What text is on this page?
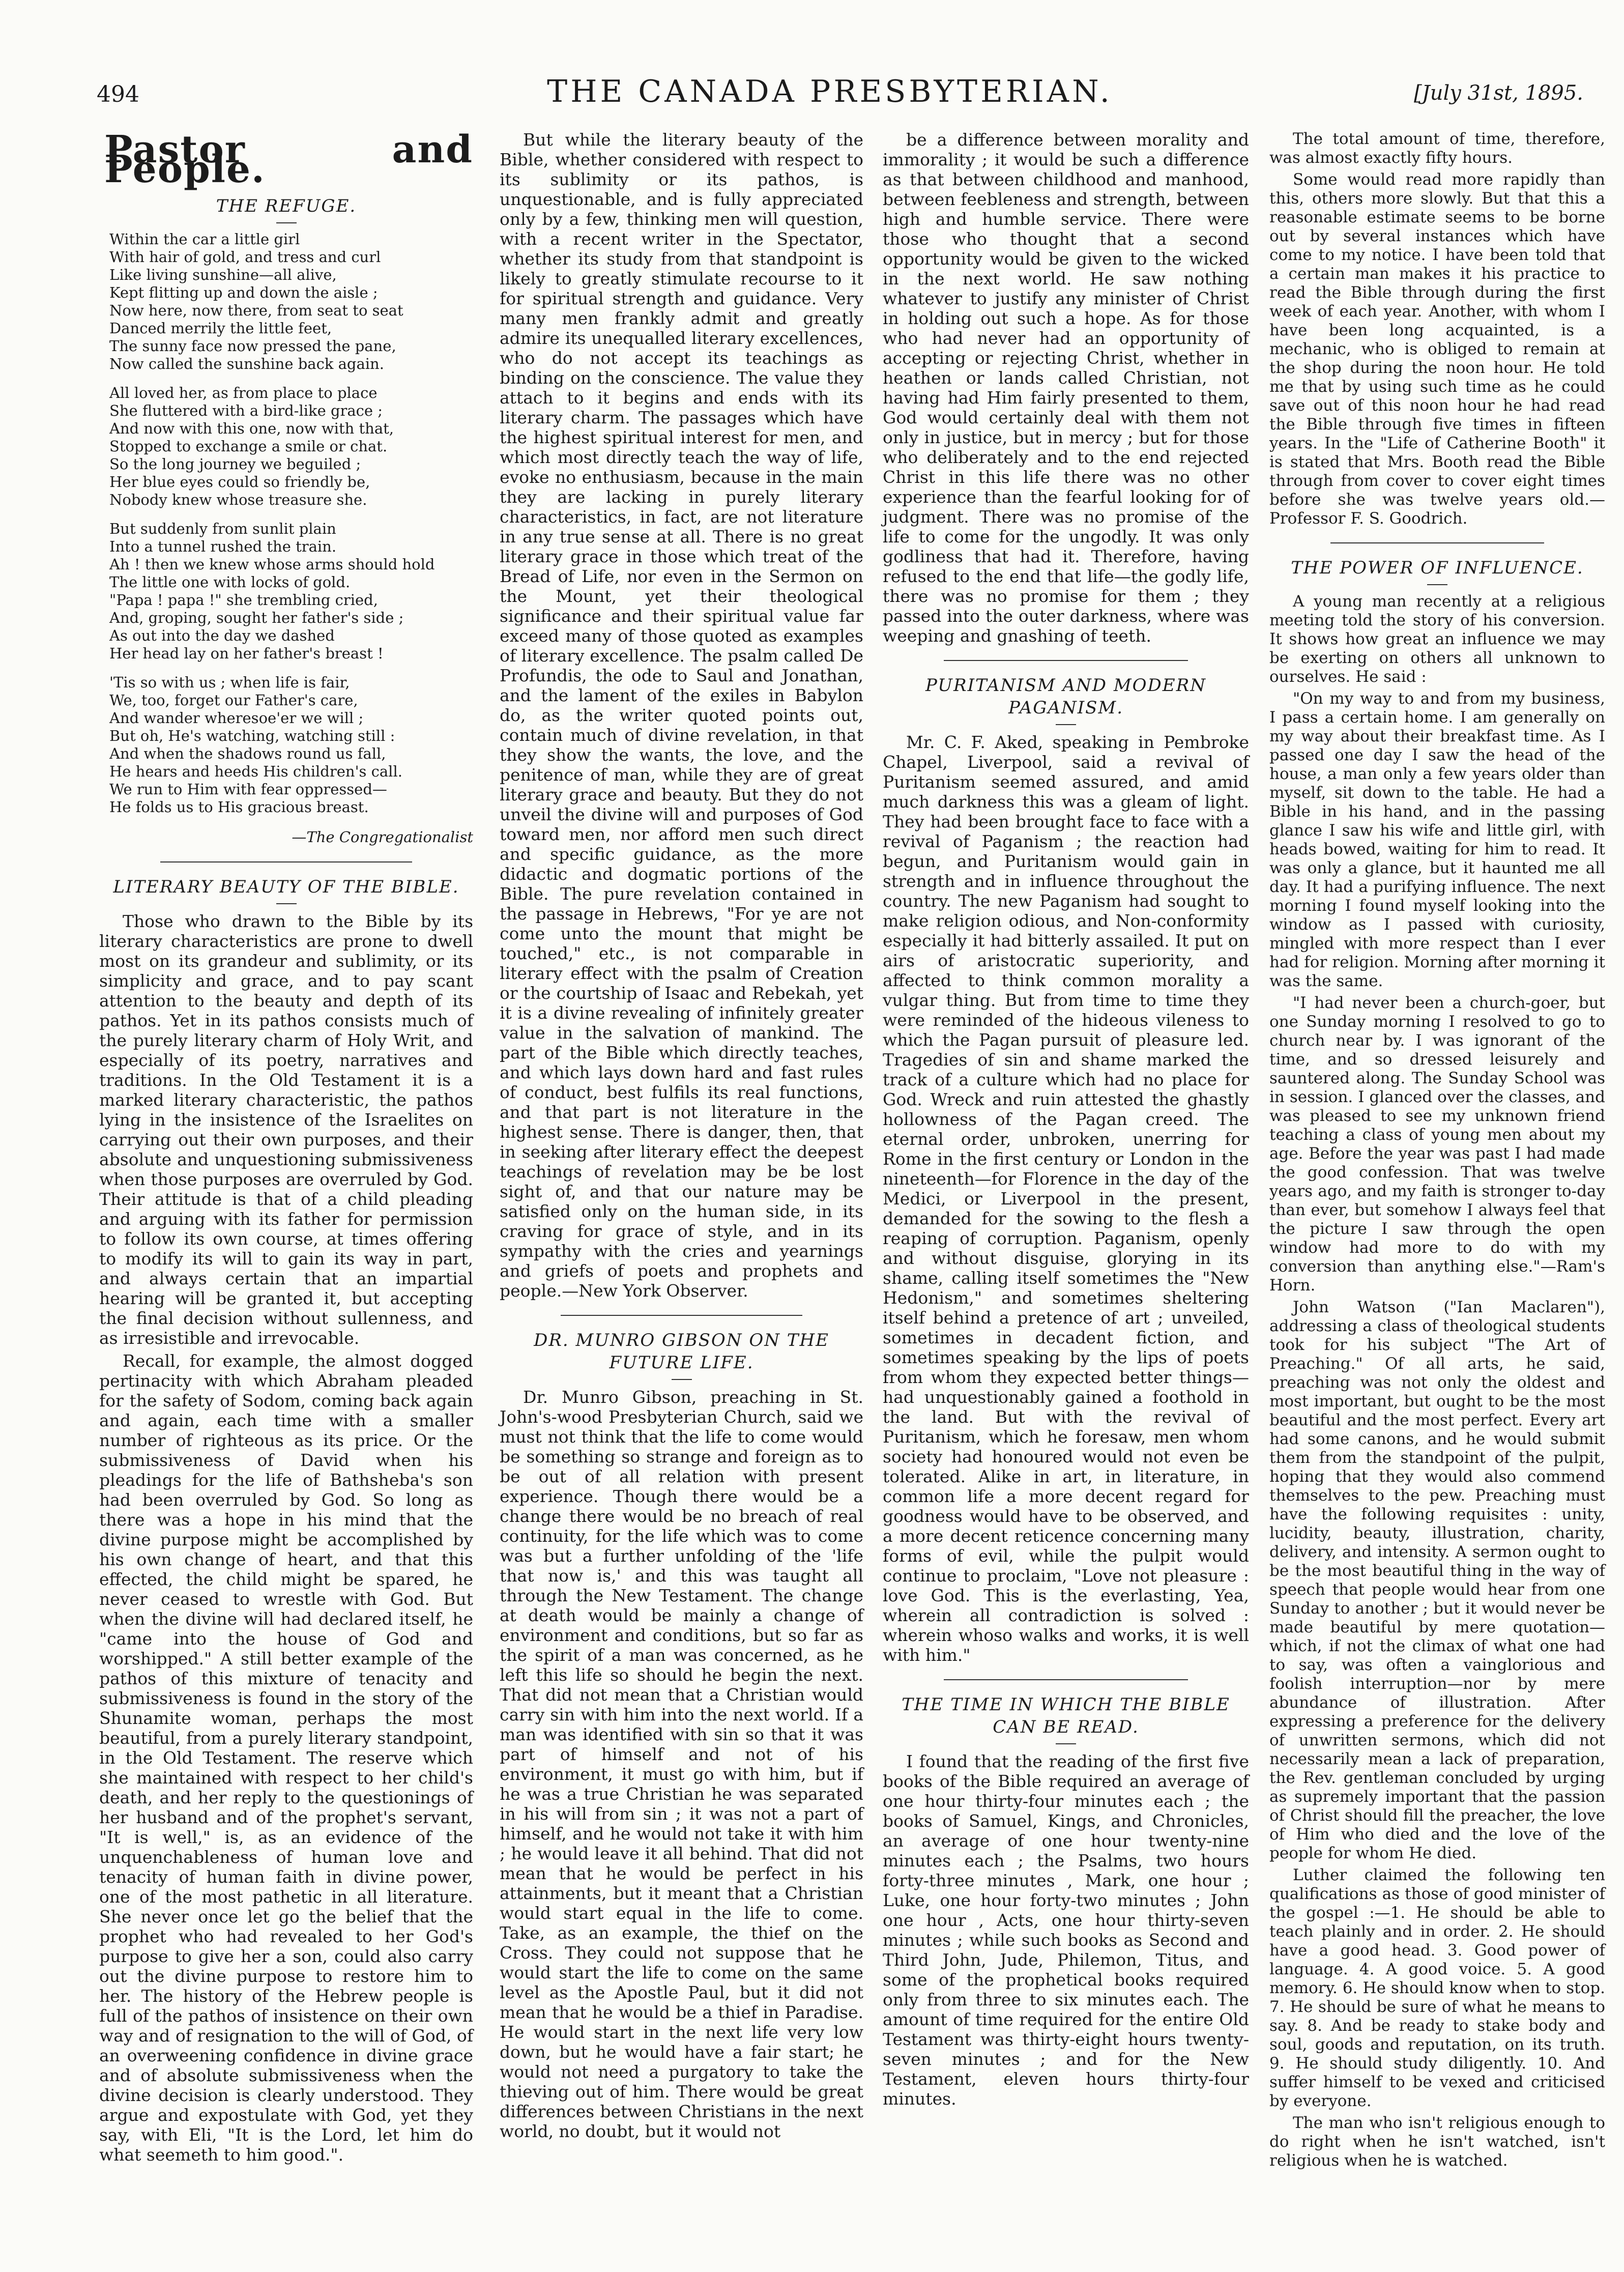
494	THE CANADA PRESBYTERIAN.	[July 31st, 1895.
Pastor and People.
THE REFUGE.
Within the car a little girl
With hair of gold, and tress and curl
Like living sunshine—all alive,
Kept flitting up and down the aisle ;
Now here, now there, from seat to seat
Danced merrily the little feet,
The sunny face now pressed the pane,
Now called the sunshine back again.
All loved her, as from place to place
She fluttered with a bird-like grace ;
And now with this one, now with that,
Stopped to exchange a smile or chat.
So the long journey we beguiled ;
Her blue eyes could so friendly be,
Nobody knew whose treasure she.
But suddenly from sunlit plain
Into a tunnel rushed the train.
Ah ! then we knew whose arms should hold
The little one with locks of gold.
"Papa ! papa !" she trembling cried,
And, groping, sought her father's side ;
As out into the day we dashed
Her head lay on her father's breast !
'Tis so with us ; when life is fair,
We, too, forget our Father's care,
And wander wheresoe'er we will ;
But oh, He's watching, watching still :
And when the shadows round us fall,
He hears and heeds His children's call.
We run to Him with fear oppressed—
He folds us to His gracious breast.
—The Congregationalist
LITERARY BEAUTY OF THE BIBLE.

Those who drawn to the Bible by its literary characteristics are prone to dwell most on its grandeur and sublimity, or its simplicity and grace, and to pay scant attention to the beauty and depth of its pathos. Yet in its pathos consists much of the purely literary charm of Holy Writ, and especially of its poetry, narratives and traditions. In the Old Testament it is a marked literary characteristic, the pathos lying in the insistence of the Israelites on carrying out their own purposes, and their absolute and unquestioning submissiveness when those purposes are overruled by God. Their attitude is that of a child pleading and arguing with its father for permission to follow its own course, at times offering to modify its will to gain its way in part, and always certain that an impartial hearing will be granted it, but accepting the final decision without sullenness, and as irresistible and irrevocable.

Recall, for example, the almost dogged pertinacity with which Abraham pleaded for the safety of Sodom, coming back again and again, each time with a smaller number of righteous as its price. Or the submissiveness of David when his pleadings for the life of Bathsheba's son had been overruled by God. So long as there was a hope in his mind that the divine purpose might be accomplished by his own change of heart, and that this effected, the child might be spared, he never ceased to wrestle with God. But when the divine will had declared itself, he "came into the house of God and worshipped." A still better example of the pathos of this mixture of tenacity and submissiveness is found in the story of the Shunamite woman, perhaps the most beautiful, from a purely literary standpoint, in the Old Testament. The reserve which she maintained with respect to her child's death, and her reply to the questionings of her husband and of the prophet's servant, "It is well," is, as an evidence of the unquenchableness of human love and tenacity of human faith in divine power, one of the most pathetic in all literature. She never once let go the belief that the prophet who had revealed to her God's purpose to give her a son, could also carry out the divine purpose to restore him to her. The history of the Hebrew people is full of the pathos of insistence on their own way and of resignation to the will of God, of an overweening confidence in divine grace and of absolute submissiveness when the divine decision is clearly understood. They argue and expostulate with God, yet they say, with Eli, "It is the Lord, let him do what seemeth to him good.".

But while the literary beauty of the Bible, whether considered with respect to its sublimity or its pathos, is unquestionable, and is fully appreciated only by a few, thinking men will question, with a recent writer in the Spectator, whether its study from that standpoint is likely to greatly stimulate recourse to it for spiritual strength and guidance. Very many men frankly admit and greatly admire its unequalled literary excellences, who do not accept its teachings as binding on the conscience. The value they attach to it begins and ends with its literary charm. The passages which have the highest spiritual interest for men, and which most directly teach the way of life, evoke no enthusiasm, because in the main they are lacking in purely literary characteristics, in fact, are not literature in any true sense at all. There is no great literary grace in those which treat of the Bread of Life, nor even in the Sermon on the Mount, yet their theological significance and their spiritual value far exceed many of those quoted as examples of literary excellence. The psalm called De Profundis, the ode to Saul and Jonathan, and the lament of the exiles in Babylon do, as the writer quoted points out, contain much of divine revelation, in that they show the wants, the love, and the penitence of man, while they are of great literary grace and beauty. But they do not unveil the divine will and purposes of God toward men, nor afford men such direct and specific guidance, as the more didactic and dogmatic portions of the Bible. The pure revelation contained in the passage in Hebrews, "For ye are not come unto the mount that might be touched," etc., is not comparable in literary effect with the psalm of Creation or the courtship of Isaac and Rebekah, yet it is a divine revealing of infinitely greater value in the salvation of mankind. The part of the Bible which directly teaches, and which lays down hard and fast rules of conduct, best fulfils its real functions, and that part is not literature in the highest sense. There is danger, then, that in seeking after literary effect the deepest teachings of revelation may be be lost sight of, and that our nature may be satisfied only on the human side, in its craving for grace of style, and in its sympathy with the cries and yearnings and griefs of poets and prophets and people.—New York Observer.

DR. MUNRO GIBSON ON THE FUTURE LIFE.

Dr. Munro Gibson, preaching in St. John's-wood Presbyterian Church, said we must not think that the life to come would be something so strange and foreign as to be out of all relation with present experience. Though there would be a change there would be no breach of real continuity, for the life which was to come was but a further unfolding of the 'life that now is,' and this was taught all through the New Testament. The change at death would be mainly a change of environment and conditions, but so far as the spirit of a man was concerned, as he left this life so should he begin the next. That did not mean that a Christian would carry sin with him into the next world. If a man was identified with sin so that it was part of himself and not of his environment, it must go with him, but if he was a true Christian he was separated in his will from sin ; it was not a part of himself, and he would not take it with him ; he would leave it all behind. That did not mean that he would be perfect in his attainments, but it meant that a Christian would start equal in the life to come. Take, as an example, the thief on the Cross. They could not suppose that he would start the life to come on the same level as the Apostle Paul, but it did not mean that he would be a thief in Paradise. He would start in the next life very low down, but he would have a fair start; he would not need a purgatory to take the thieving out of him. There would be great differences between Christians in the next world, no doubt, but it would not

be a difference between morality and immorality ; it would be such a difference as that between childhood and manhood, between feebleness and strength, between high and humble service. There were those who thought that a second opportunity would be given to the wicked in the next world. He saw nothing whatever to justify any minister of Christ in holding out such a hope. As for those who had never had an opportunity of accepting or rejecting Christ, whether in heathen or lands called Christian, not having had Him fairly presented to them, God would certainly deal with them not only in justice, but in mercy ; but for those who deliberately and to the end rejected Christ in this life there was no other experience than the fearful looking for of judgment. There was no promise of the life to come for the ungodly. It was only godliness that had it. Therefore, having refused to the end that life—the godly life, there was no promise for them ; they passed into the outer darkness, where was weeping and gnashing of teeth.

PURITANISM AND MODERN PAGANISM.

Mr. C. F. Aked, speaking in Pembroke Chapel, Liverpool, said a revival of Puritanism seemed assured, and amid much darkness this was a gleam of light. They had been brought face to face with a revival of Paganism ; the reaction had begun, and Puritanism would gain in strength and in influence throughout the country. The new Paganism had sought to make religion odious, and Non-conformity especially it had bitterly assailed. It put on airs of aristocratic superiority, and affected to think common morality a vulgar thing. But from time to time they were reminded of the hideous vileness to which the Pagan pursuit of pleasure led. Tragedies of sin and shame marked the track of a culture which had no place for God. Wreck and ruin attested the ghastly hollowness of the Pagan creed. The eternal order, unbroken, unerring for Rome in the first century or London in the nineteenth—for Florence in the day of the Medici, or Liverpool in the present, demanded for the sowing to the flesh a reaping of corruption. Paganism, openly and without disguise, glorying in its shame, calling itself sometimes the "New Hedonism," and sometimes sheltering itself behind a pretence of art ; unveiled, sometimes in decadent fiction, and sometimes speaking by the lips of poets from whom they expected better things—had unquestionably gained a foothold in the land. But with the revival of Puritanism, which he foresaw, men whom society had honoured would not even be tolerated. Alike in art, in literature, in common life a more decent regard for goodness would have to be observed, and a more decent reticence concerning many forms of evil, while the pulpit would continue to proclaim, "Love not pleasure : love God. This is the everlasting, Yea, wherein all contradiction is solved : wherein whoso walks and works, it is well with him."

THE TIME IN WHICH THE BIBLE CAN BE READ.

I found that the reading of the first five books of the Bible required an average of one hour thirty-four minutes each ; the books of Samuel, Kings, and Chronicles, an average of one hour twenty-nine minutes each ; the Psalms, two hours forty-three minutes , Mark, one hour ; Luke, one hour forty-two minutes ; John one hour , Acts, one hour thirty-seven minutes ; while such books as Second and Third John, Jude, Philemon, Titus, and some of the prophetical books required only from three to six minutes each. The amount of time required for the entire Old Testament was thirty-eight hours twenty-seven minutes ; and for the New Testament, eleven hours thirty-four minutes.

The total amount of time, therefore, was almost exactly fifty hours.

Some would read more rapidly than this, others more slowly. But that this a reasonable estimate seems to be borne out by several instances which have come to my notice. I have been told that a certain man makes it his practice to read the Bible through during the first week of each year. Another, with whom I have been long acquainted, is a mechanic, who is obliged to remain at the shop during the noon hour. He told me that by using such time as he could save out of this noon hour he had read the Bible through five times in fifteen years. In the "Life of Catherine Booth" it is stated that Mrs. Booth read the Bible through from cover to cover eight times before she was twelve years old.—Professor F. S. Goodrich.

THE POWER OF INFLUENCE.

A young man recently at a religious meeting told the story of his conversion. It shows how great an influence we may be exerting on others all unknown to ourselves. He said :

"On my way to and from my business, I pass a certain home. I am generally on my way about their breakfast time. As I passed one day I saw the head of the house, a man only a few years older than myself, sit down to the table. He had a Bible in his hand, and in the passing glance I saw his wife and little girl, with heads bowed, waiting for him to read. It was only a glance, but it haunted me all day. It had a purifying influence. The next morning I found myself looking into the window as I passed with curiosity, mingled with more respect than I ever had for religion. Morning after morning it was the same.

"I had never been a church-goer, but one Sunday morning I resolved to go to church near by. I was ignorant of the time, and so dressed leisurely and sauntered along. The Sunday School was in session. I glanced over the classes, and was pleased to see my unknown friend teaching a class of young men about my age. Before the year was past I had made the good confession. That was twelve years ago, and my faith is stronger to-day than ever, but somehow I always feel that the picture I saw through the open window had more to do with my conversion than anything else."—Ram's Horn.

John Watson ("Ian Maclaren"), addressing a class of theological students took for his subject "The Art of Preaching." Of all arts, he said, preaching was not only the oldest and most important, but ought to be the most beautiful and the most perfect. Every art had some canons, and he would submit them from the standpoint of the pulpit, hoping that they would also commend themselves to the pew. Preaching must have the following requisites : unity, lucidity, beauty, illustration, charity, delivery, and intensity. A sermon ought to be the most beautiful thing in the way of speech that people would hear from one Sunday to another ; but it would never be made beautiful by mere quotation—which, if not the climax of what one had to say, was often a vainglorious and foolish interruption—nor by mere abundance of illustration. After expressing a preference for the delivery of unwritten sermons, which did not necessarily mean a lack of preparation, the Rev. gentleman concluded by urging as supremely important that the passion of Christ should fill the preacher, the love of Him who died and the love of the people for whom He died.

Luther claimed the following ten qualifications as those of good minister of the gospel :—1. He should be able to teach plainly and in order. 2. He should have a good head. 3. Good power of language. 4. A good voice. 5. A good memory. 6. He should know when to stop. 7. He should be sure of what he means to say. 8. And be ready to stake body and soul, goods and reputation, on its truth. 9. He should study diligently. 10. And suffer himself to be vexed and criticised by everyone.

The man who isn't religious enough to do right when he isn't watched, isn't religious when he is watched.
